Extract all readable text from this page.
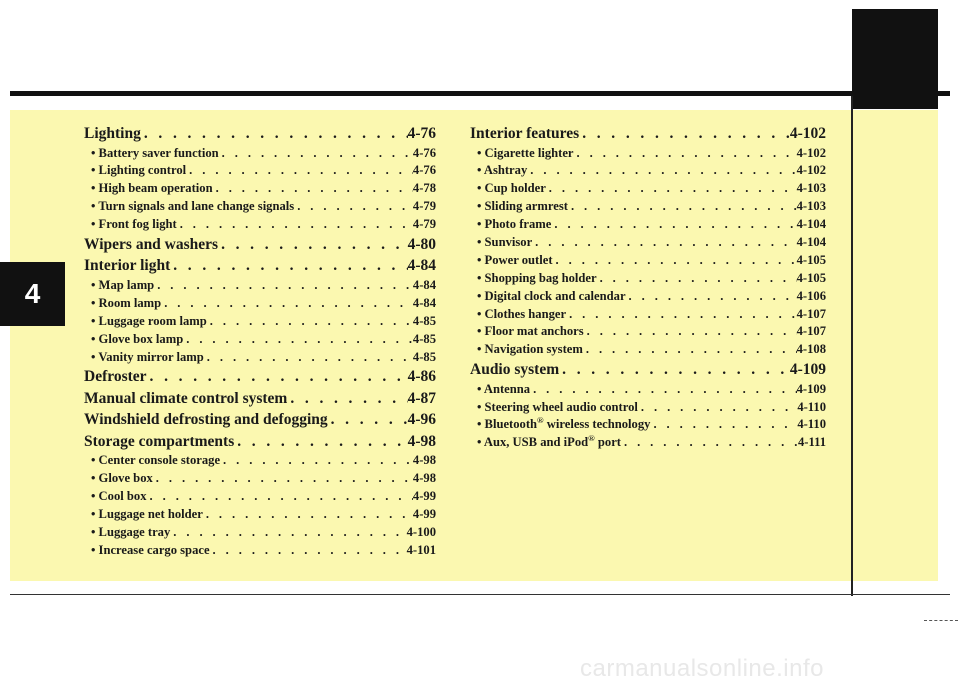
4
carmanualsonline.info
Lighting . . .	4-76
• Battery saver function . . .	4-76
• Lighting control . . .	4-76
• High beam operation . . .	4-78
• Turn signals and lane change signals . . .	4-79
• Front fog light . . .	4-79
Wipers and washers . . .	4-80
Interior light . . .	4-84
• Map lamp . . .	4-84
• Room lamp . . .	4-84
• Luggage room lamp . . .	4-85
• Glove box lamp . . .	4-85
• Vanity mirror lamp . . .	4-85
Defroster . . .	4-86
Manual climate control system . . .	4-87
Windshield defrosting and defogging . . .	4-96
Storage compartments . . .	4-98
• Center console storage . . .	4-98
• Glove box . . .	4-98
• Cool box . . .	4-99
• Luggage net holder . . .	4-99
• Luggage tray . . .	4-100
• Increase cargo space . . .	4-101
Interior features . . .	4-102
• Cigarette lighter . . .	4-102
• Ashtray . . .	4-102
• Cup holder . . .	4-103
• Sliding armrest . . .	4-103
• Photo frame . . .	4-104
• Sunvisor . . .	4-104
• Power outlet . . .	4-105
• Shopping bag holder . . .	4-105
• Digital clock and calendar . . .	4-106
• Clothes hanger . . .	4-107
• Floor mat anchors . . .	4-107
• Navigation system . . .	4-108
Audio system . . .	4-109
• Antenna . . .	4-109
• Steering wheel audio control . . .	4-110
• Bluetooth® wireless technology . . .	4-110
• Aux, USB and iPod® port . . .	4-111
